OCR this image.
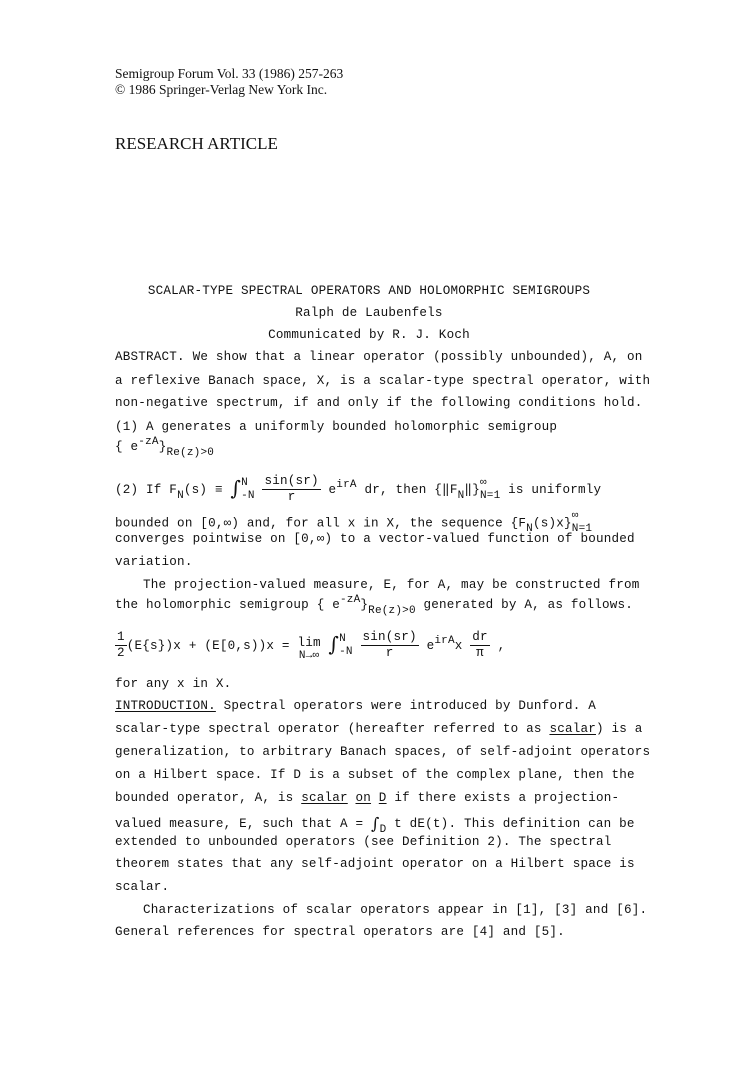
Semigroup Forum Vol. 33 (1986) 257-263
© 1986 Springer-Verlag New York Inc.
RESEARCH ARTICLE
SCALAR-TYPE SPECTRAL OPERATORS AND HOLOMORPHIC SEMIGROUPS
Ralph de Laubenfels
Communicated by R. J. Koch
ABSTRACT. We show that a linear operator (possibly unbounded), A, on
a reflexive Banach space, X, is a scalar-type spectral operator, with
non-negative spectrum, if and only if the following conditions hold.
(1) A generates a uniformly bounded holomorphic semigroup
{ e-zA}Re(z)>0
(2) If FN(s) ≡ ∫ N
-N
$\frac{\sin(sr)}{r}$ eirA dr, then {‖FN‖}
∞
N=1 is uniformly
bounded on [0,∞) and, for all x in X, the sequence {FN(s)x}
∞
N=1
converges pointwise on [0,∞) to a vector-valued function of bounded
variation.
The projection-valued measure, E, for A, may be constructed from
the holomorphic semigroup { e-zA}Re(z)>0 generated by A, as follows.
$\frac{1}{2} (E\{s\})x + (E[0,s))x = \lim$
N→∞ ∫ N
-N
$\frac{\sin(sr)}{r}$ eirAx $\frac{dr}{\pi}$ ,
for any x in X.
INTRODUCTION. Spectral operators were introduced by Dunford. A
scalar-type spectral operator (hereafter referred to as scalar) is a
generalization, to arbitrary Banach spaces, of self-adjoint operators
on a Hilbert space. If D is a subset of the complex plane, then the
bounded operator, A, is scalar on D if there exists a projection-
valued measure, E, such that A = ∫D t dE(t). This definition can be
extended to unbounded operators (see Definition 2). The spectral
theorem states that any self-adjoint operator on a Hilbert space is
scalar.
Characterizations of scalar operators appear in [1], [3] and [6].
General references for spectral operators are [4] and [5].
